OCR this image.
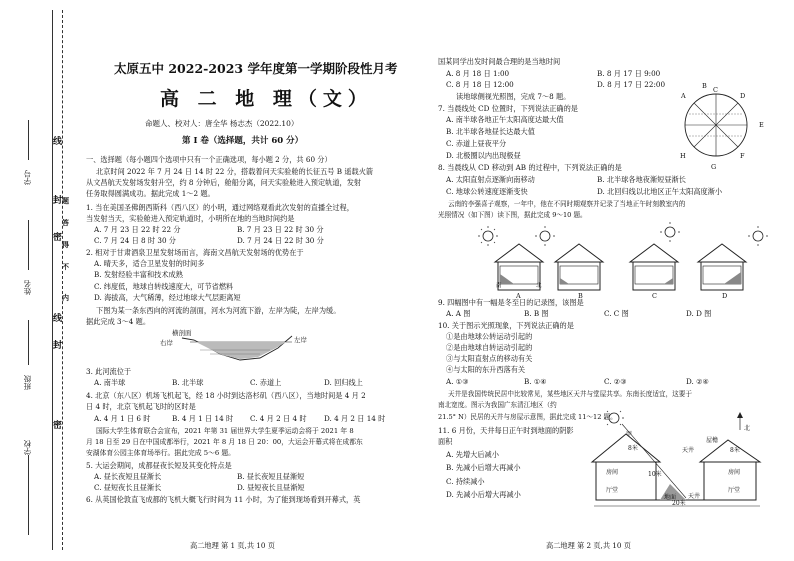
学号
姓名
班级
学校
线
封
密
不
得
答
题
内
线
封
密
太原五中 2022-2023 学年度第一学期阶段性月考
高 二 地 理（文）
命题人、校对人：唐全华 杨志杰（2022.10）
第 I 卷（选择题，共计 60 分）
一、选择题（每小题四个选项中只有一个正确选项，每小题 2 分，共 60 分）
北京时间 2022 年 7 月 24 日 14 时 22 分，搭载着问天实验舱的长征五号 B 遥载火箭
从文昌航天发射场发射升空，约 8 分钟后，舱船分离，问天实验舱进入预定轨道，发射
任务取得圆满成功。据此完成 1～2 题。
1. 当在美国圣佛朗西斯科（西八区）的小明，通过网络观看此次发射的直播全过程，
当发射当天，实验舱进入预定轨道时，小明所在地的当地时间约是
A. 7 月 23 日 22 时 22 分	B. 7 月 23 日 22 时 30 分
C. 7 月 24 日 8 时 30 分	D. 7 月 24 日 22 时 30 分
2. 相对于甘肃酒泉卫星发射场而言，海南文昌航天发射场的优势在于
A. 晴天多，适合卫星发射的时间多
B. 发射经验丰富和技术成熟
C. 纬度低，地球自转线速度大，可节省燃料
D. 海拔高，大气稀薄，经过地球大气层距离短
下图为某一条东西向的河流的剖面，河水为河流下游，左岸为陡，左岸为缓。
据此完成 3～4 题。
横剖面
右岸	左岸
3. 此河流位于
A. 南半球	B. 北半球	C. 赤道上	D. 回归线上
4. 北京（东八区）机场飞机起飞，经 18 小时到达洛杉矶（西八区），当地时间是 4 月 2
日 4 时，北京飞机起飞时的区时是
A. 4 月 1 日 6 时	B. 4 月 1 日 14 时 C. 4 月 2 日 4 时 D. 4 月 2 日 14 时
国际大学生体育联合会宣布，2021 年第 31 届世界大学生夏季运动会将于 2021 年 8
月 18 日至 29 日在中国成都举行，2021 年 8 月 18 日 20：00，大运会开幕式将在成都东
安湖体育公园主体育场举行。据此完成 5～6 题。
5. 大运会期间，成都昼夜长短及其变化特点是
A. 昼长夜短且昼渐长	B. 昼长夜短且昼渐短
C. 昼短夜长且昼渐长	D. 昼短夜长且昼渐短
6. 从英国伦敦直飞成都的飞机大概飞行时间为 11 小时，为了能到现场看到开幕式，英
高二地理 第 1 页,共 10 页
国某同学出发时间最合理的是当地时间
A. 8 月 18 日 1:00	B. 8 月 17 日 9:00
C. 8 月 18 日 12:00	D. 8 月 17 日 22:00
读地球侧视光照图，完成 7～8 题。
7. 当晨线处 CD 位置时，下列说法正确的是
A. 南半球各地正午太阳高度达最大值
B. 北半球各地昼长达最大值
C. 赤道上昼夜平分
D. 北极圈以内出现极昼
A
B C
D
E
F
G
H
8. 当晨线从 CD 移动到 AB 的过程中，下列说法正确的是
A. 太阳直射点逐渐向南移动	B. 北半球各地夜渐短昼渐长
C. 地球公转速度逐渐变快	D. 北回归线以北地区正午太阳高度渐小
云南的李强喜子观察，一年中，他在不同时期观察并记录了当地正午时刻教室内的
光照情况（如下图）读下图，据此完成 9～10 题。
A	B	C	D
南	北
9. 四幅图中有一幅是冬至日的记录图，该图是
A. A 图	B. B 图	C. C 图	D. D 图
10. 关于图示光照现象，下列说法正确的是
①是由地球公转运动引起的
②是由地球自转运动引起的
③与太阳直射点的移动有关
④与太阳的东升西落有关
A. ①③	B. ①④	C. ②③	D. ②④
天井是我国传统民居中比较常见，某些地区天井与堂屋共享。东南长度适宜，这要于
南北宽度。图示为我国广东清江地区（约
21.5° N）民居的天井与房屋示意图，据此完成 11～12 题。
11. 6 月份，天井每日正午时到地面的阴影
面积
A. 先增大后减小
B. 先减小后增大再减小
C. 持续减小
D. 先减小后增大再减小
甲
天井
房间	房间
厅堂	厅堂
地面 天井
屋檐
北
8米	8米
20米
10米
高二地理 第 2 页,共 10 页
